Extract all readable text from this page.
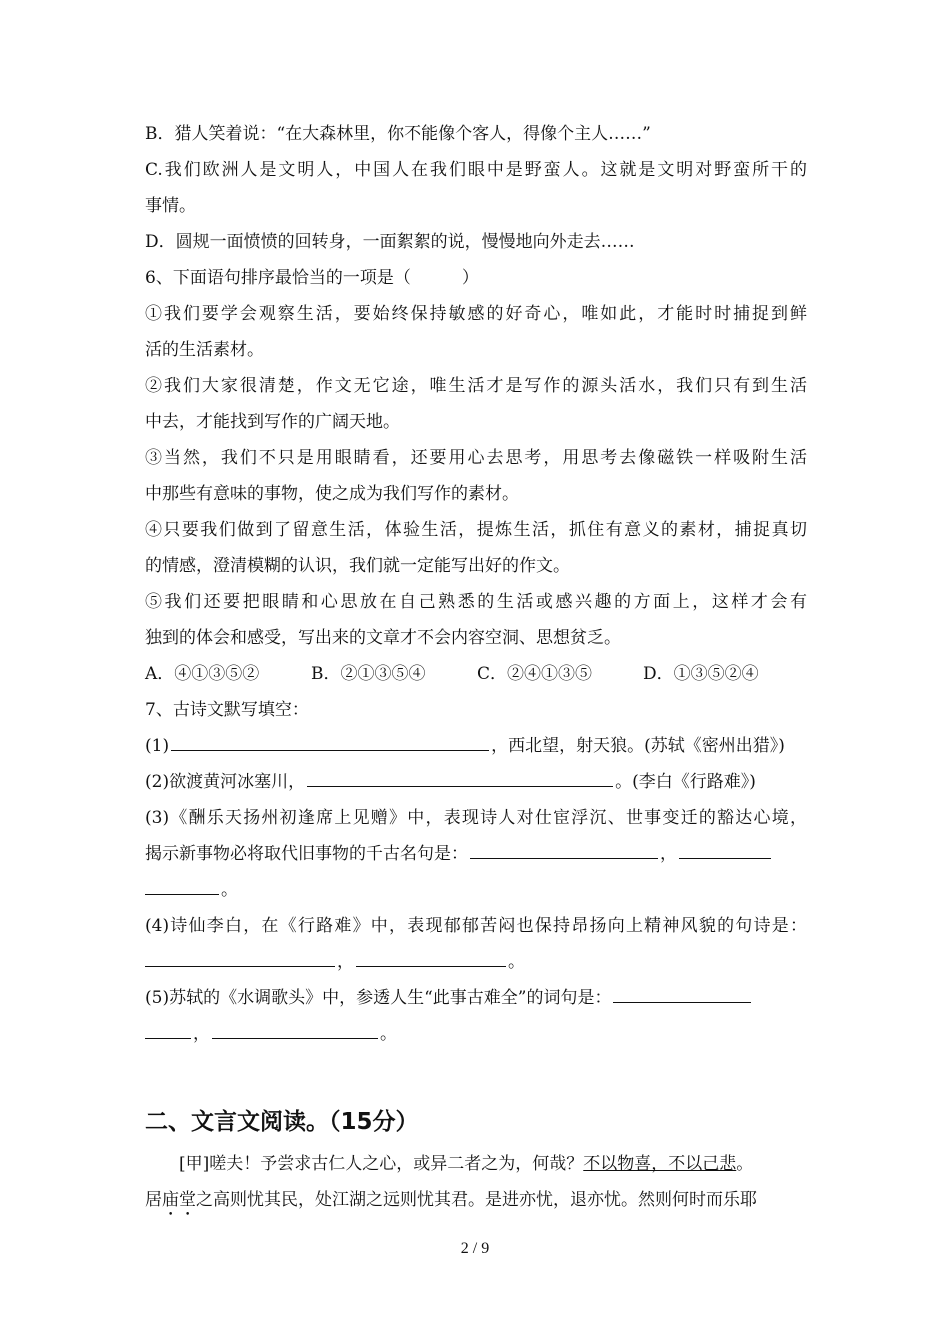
B．猎人笑着说：“在大森林里，你不能像个客人，得像个主人……”
C.我们欧洲人是文明人，中国人在我们眼中是野蛮人。这就是文明对野蛮所干的
事情。
D．圆规一面愤愤的回转身，一面絮絮的说，慢慢地向外走去……
6、下面语句排序最恰当的一项是（　　　）
①我们要学会观察生活，要始终保持敏感的好奇心，唯如此，才能时时捕捉到鲜
活的生活素材。
②我们大家很清楚，作文无它途，唯生活才是写作的源头活水，我们只有到生活
中去，才能找到写作的广阔天地。
③当然，我们不只是用眼睛看，还要用心去思考，用思考去像磁铁一样吸附生活
中那些有意味的事物，使之成为我们写作的素材。
④只要我们做到了留意生活，体验生活，提炼生活，抓住有意义的素材，捕捉真切
的情感，澄清模糊的认识，我们就一定能写出好的作文。
⑤我们还要把眼睛和心思放在自己熟悉的生活或感兴趣的方面上，这样才会有
独到的体会和感受，写出来的文章才不会内容空洞、思想贫乏。
A．④①③⑤②	B．②①③⑤④	C．②④①③⑤	D．①③⑤②④
7、古诗文默写填空：
(1)	，西北望，射天狼。(苏轼《密州出猎》)
(2)欲渡黄河冰塞川，	。(李白《行路难》)
(3)《酬乐天扬州初逢席上见赠》中，表现诗人对仕宦浮沉、世事变迁的豁达心境，
揭示新事物必将取代旧事物的千古名句是：	，
。
(4)诗仙李白，在《行路难》中，表现郁郁苦闷也保持昂扬向上精神风貌的句诗是：
，	。
(5)苏轼的《水调歌头》中，参透人生“此事古难全”的词句是：
，	。
二、文言文阅读。（15分）
[甲]嗟夫！予尝求古仁人之心，或异二者之为，何哉？不以物喜，不以己悲。
居庙堂之高则忧其民，处江湖之远则忧其君。是进亦忧，退亦忧。然则何时而乐耶
2 / 9
